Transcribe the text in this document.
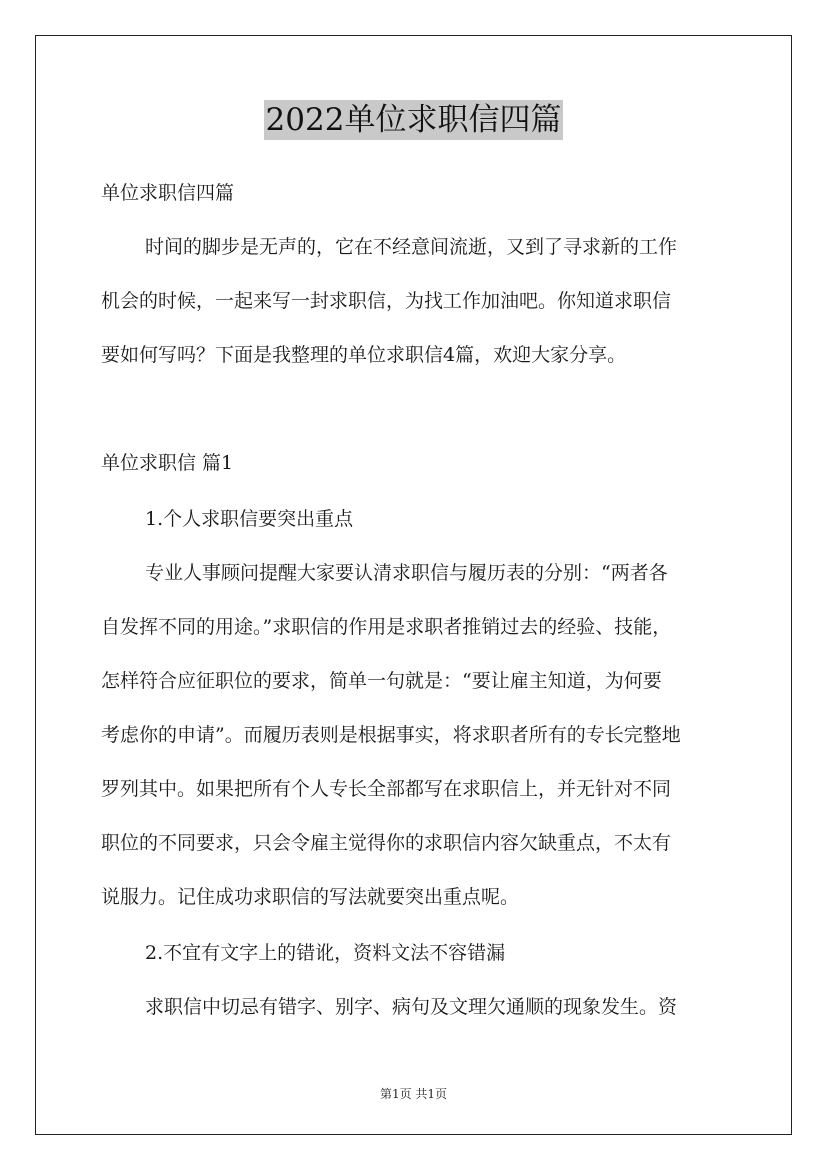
2022单位求职信四篇
单位求职信四篇
时间的脚步是无声的，它在不经意间流逝，又到了寻求新的工作
机会的时候，一起来写一封求职信，为找工作加油吧。你知道求职信
要如何写吗？下面是我整理的单位求职信4篇，欢迎大家分享。
单位求职信 篇1
1.个人求职信要突出重点
专业人事顾问提醒大家要认清求职信与履历表的分别：“两者各
自发挥不同的用途。”求职信的作用是求职者推销过去的经验、技能，
怎样符合应征职位的要求，简单一句就是：“要让雇主知道，为何要
考虑你的申请”。而履历表则是根据事实，将求职者所有的专长完整地
罗列其中。如果把所有个人专长全部都写在求职信上，并无针对不同
职位的不同要求，只会令雇主觉得你的求职信内容欠缺重点，不太有
说服力。记住成功求职信的写法就要突出重点呢。
2.不宜有文字上的错讹，资料文法不容错漏
求职信中切忌有错字、别字、病句及文理欠通顺的现象发生。资
第1页 共1页
